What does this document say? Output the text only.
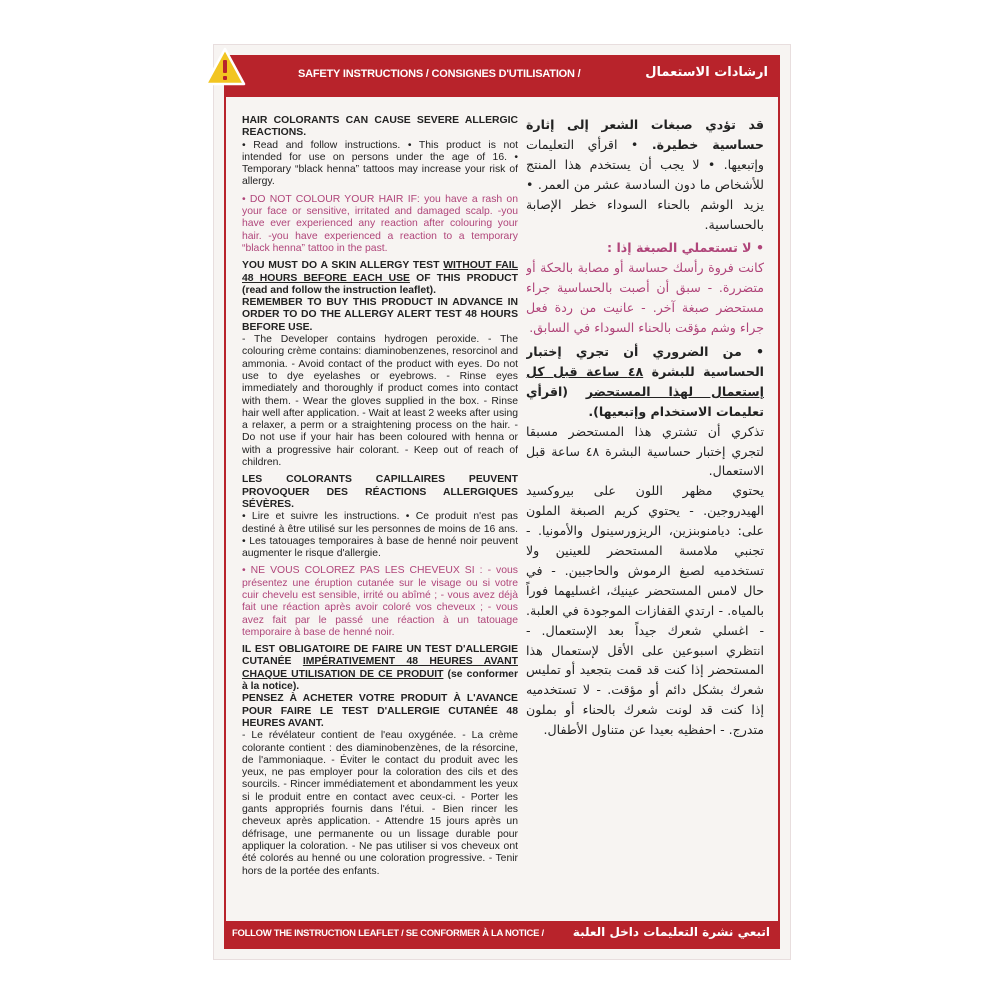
SAFETY INSTRUCTIONS / CONSIGNES D'UTILISATION /	ارشادات الاستعمال

HAIR COLORANTS CAN CAUSE SEVERE ALLERGIC REACTIONS.
• Read and follow instructions. • This product is not intended for use on persons under the age of 16. • Temporary “black henna” tattoos may increase your risk of allergy.

• DO NOT COLOUR YOUR HAIR IF: you have a rash on your face or sensitive, irritated and damaged scalp. -you have ever experienced any reaction after colouring your hair. -you have experienced a reaction to a temporary “black henna” tattoo in the past.

YOU MUST DO A SKIN ALLERGY TEST WITHOUT FAIL 48 HOURS BEFORE EACH USE OF THIS PRODUCT (read and follow the instruction leaflet).
REMEMBER TO BUY THIS PRODUCT IN ADVANCE IN ORDER TO DO THE ALLERGY ALERT TEST 48 HOURS BEFORE USE.
- The Developer contains hydrogen peroxide. - The colouring crème contains: diaminobenzenes, resorcinol and ammonia. - Avoid contact of the product with eyes. Do not use to dye eyelashes or eyebrows. - Rinse eyes immediately and thoroughly if product comes into contact with them. - Wear the gloves supplied in the box. - Rinse hair well after application. - Wait at least 2 weeks after using a relaxer, a perm or a straightening process on the hair. - Do not use if your hair has been coloured with henna or with a progressive hair colorant. - Keep out of reach of children.

LES COLORANTS CAPILLAIRES PEUVENT PROVOQUER DES RÉACTIONS ALLERGIQUES SÉVÈRES.
• Lire et suivre les instructions. • Ce produit n'est pas destiné à être utilisé sur les personnes de moins de 16 ans. • Les tatouages temporaires à base de henné noir peuvent augmenter le risque d'allergie.

• NE VOUS COLOREZ PAS LES CHEVEUX SI : - vous présentez une éruption cutanée sur le visage ou si votre cuir chevelu est sensible, irrité ou abîmé ; - vous avez déjà fait une réaction après avoir coloré vos cheveux ; - vous avez fait par le passé une réaction à un tatouage temporaire à base de henné noir.

IL EST OBLIGATOIRE DE FAIRE UN TEST D'ALLERGIE CUTANÉE IMPÉRATIVEMENT 48 HEURES AVANT CHAQUE UTILISATION DE CE PRODUIT (se conformer à la notice).
PENSEZ À ACHETER VOTRE PRODUIT À L'AVANCE POUR FAIRE LE TEST D'ALLERGIE CUTANÉE 48 HEURES AVANT.
- Le révélateur contient de l'eau oxygénée. - La crème colorante contient : des diaminobenzènes, de la résorcine, de l'ammoniaque. - Éviter le contact du produit avec les yeux, ne pas employer pour la coloration des cils et des sourcils. - Rincer immédiatement et abondamment les yeux si le produit entre en contact avec ceux-ci. - Porter les gants appropriés fournis dans l'étui. - Bien rincer les cheveux après application. - Attendre 15 jours après un défrisage, une permanente ou un lissage durable pour appliquer la coloration. - Ne pas utiliser si vos cheveux ont été colorés au henné ou une coloration progressive. - Tenir hors de la portée des enfants.

قد تؤدي صبغات الشعر إلى إثارة حساسية خطيرة. • اقرأي التعليمات وإتبعيها. • لا يجب أن يستخدم هذا المنتج للأشخاص ما دون السادسة عشر من العمر. • يزيد الوشم بالحناء السوداء خطر الإصابة بالحساسية.

• لا تستعملي الصبغة إذا :
كانت فروة رأسك حساسة أو مصابة بالحكة أو متضررة. - سبق أن أصبت بالحساسية جراء مستحضر صبغة آخر. - عانيت من ردة فعل جراء وشم مؤقت بالحناء السوداء في السابق.

• من الضروري أن تجري إختبار الحساسية للبشرة ٤٨ ساعة قبل كل إستعمال لهذا المستحضر (اقرأي تعليمات الاستخدام وإتبعيها).
تذكري أن تشتري هذا المستحضر مسبقا لتجري إختبار حساسية البشرة ٤٨ ساعة قبل الاستعمال.
يحتوي مظهر اللون على بيروكسيد الهيدروجين. - يحتوي كريم الصبغة الملون على: ديامنوبنزين، الريزورسينول والأمونيا. - تجنبي ملامسة المستحضر للعينين ولا تستخدميه لصبغ الرموش والحاجبين. - في حال لامس المستحضر عينيك، اغسليهما فوراً بالمياه. - ارتدي القفازات الموجودة في العلبة. - اغسلي شعرك جيداً بعد الإستعمال. - انتظري اسبوعين على الأقل لإستعمال هذا المستحضر إذا كنت قد قمت بتجعيد أو تمليس شعرك بشكل دائم أو مؤقت. - لا تستخدميه إذا كنت قد لونت شعرك بالحناء أو بملون متدرج. - احفظيه بعيدا عن متناول الأطفال.

FOLLOW THE INSTRUCTION LEAFLET / SE CONFORMER À LA NOTICE / اتبعي نشرة التعليمات داخل العلبة
